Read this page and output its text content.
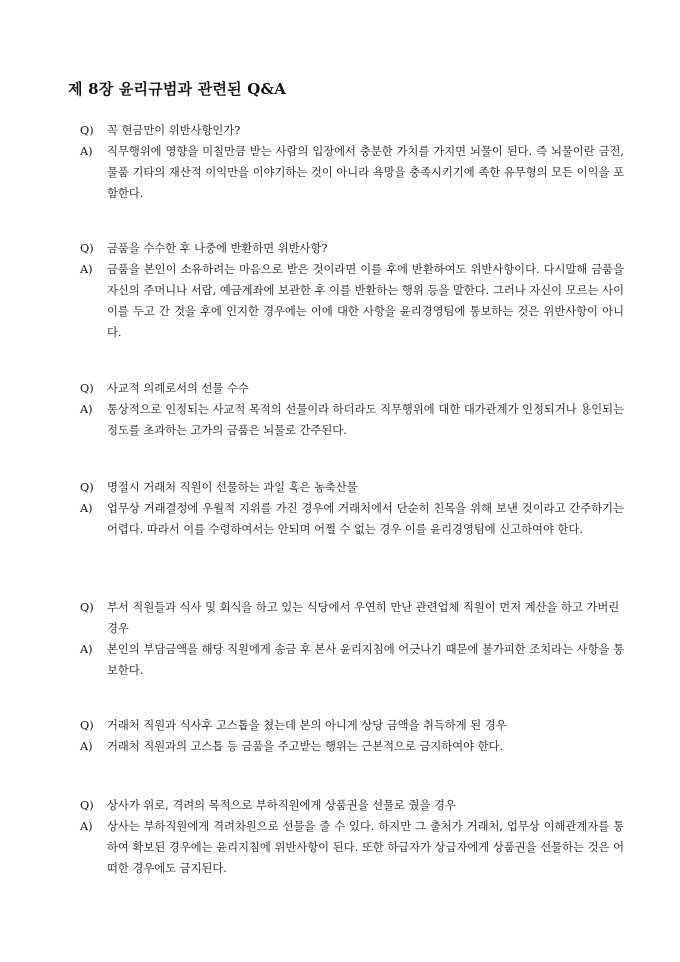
제 8장 윤리규범과 관련된 Q&A
Q) 꼭 현금만이 위반사항인가?
A) 직무행위에 영향을 미칠만큼 받는 사람의 입장에서 충분한 가치를 가지면 뇌물이 된다. 즉 뇌물이란 금전, 물품 기타의 재산적 이익만을 이야기하는 것이 아니라 욕망을 충족시키기에 족한 유무형의 모든 이익을 포함한다.
Q) 금품을 수수한 후 나중에 반환하면 위반사항?
A) 금품을 본인이 소유하려는 마음으로 받은 것이라면 이를 후에 반환하여도 위반사항이다. 다시말해 금품을 자신의 주머니나 서랍, 예금계좌에 보관한 후 이를 반환하는 행위 등을 말한다. 그러나 자신이 모르는 사이 이를 두고 간 것을 후에 인지한 경우에는 이에 대한 사항을 윤리경영팀에 통보하는 것은 위반사항이 아니다.
Q) 사교적 의례로서의 선물 수수
A) 통상적으로 인정되는 사교적 목적의 선물이라 하더라도 직무행위에 대한 대가관계가 인정되거나 용인되는 정도를 초과하는 고가의 금품은 뇌물로 간주된다.
Q) 명절시 거래처 직원이 선물하는 과일 혹은 농축산물
A) 업무상 거래결정에 우월적 지위를 가진 경우에 거래처에서 단순히 친목을 위해 보낸 것이라고 간주하기는 어렵다. 따라서 이를 수령하여서는 안되며 어쩔 수 없는 경우 이를 윤리경영팀에 신고하여야 한다.
Q) 부서 직원들과 식사 및 회식을 하고 있는 식당에서 우연히 만난 관련업체 직원이 먼저 계산을 하고 가버린 경우
A) 본인의 부담금액을 해당 직원에게 송금 후 본사 윤리지침에 어긋나기 때문에 불가피한 조치라는 사항을 통보한다.
Q) 거래처 직원과 식사후 고스톱을 쳤는데 본의 아니게 상당 금액을 취득하게 된 경우
A) 거래처 직원과의 고스톱 등 금품을 주고받는 행위는 근본적으로 금지하여야 한다.
Q) 상사가 위로, 격려의 목적으로 부하직원에게 상품권을 선물로 줬을 경우
A) 상사는 부하직원에게 격려차원으로 선물을 줄 수 있다. 하지만 그 출처가 거래처, 업무상 이해관계자를 통하여 확보된 경우에는 윤리지침에 위반사항이 된다. 또한 하급자가 상급자에게 상품권을 선물하는 것은 어떠한 경우에도 금지된다.
